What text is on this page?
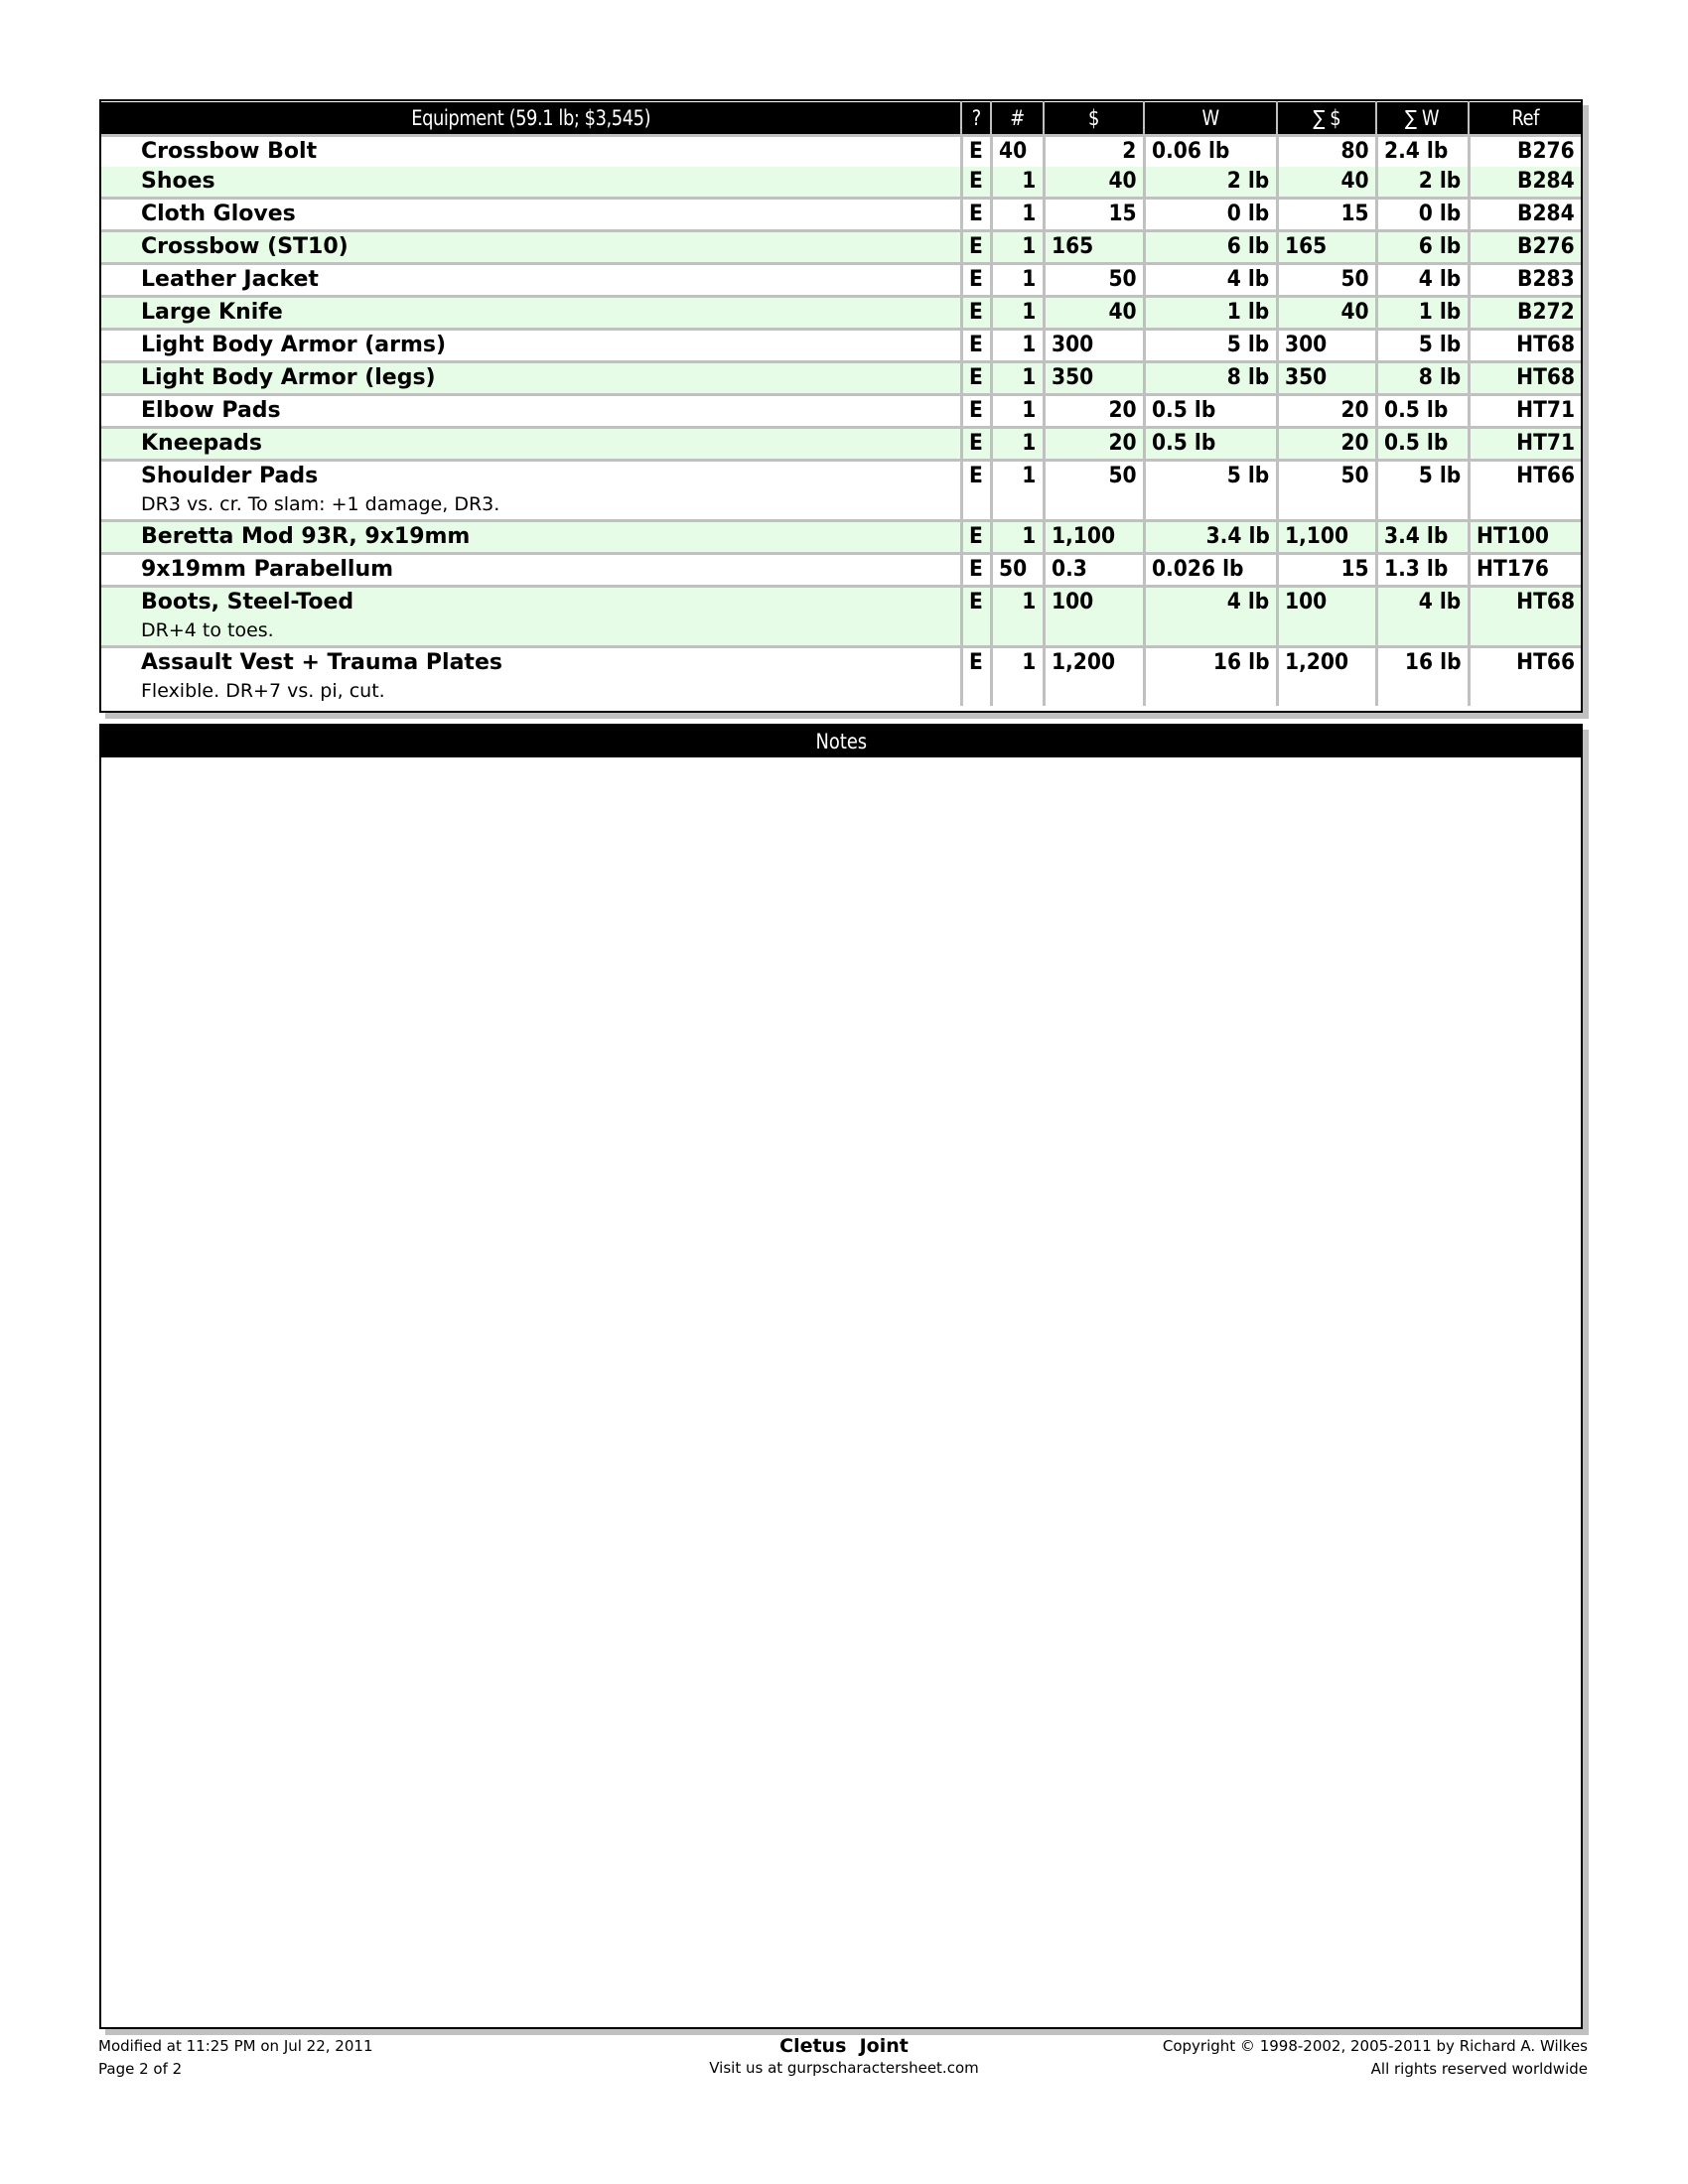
Equipment (59.1 lb; $3,545)	?	#	$	W	∑ $	∑ W	Ref

Crossbow Bolt	E	40	2	0.06 lb	80	2.4 lb	B276

Shoes	E	1	40	2 lb	40	2 lb	B284

Cloth Gloves	E	1	15	0 lb	15	0 lb	B284

Crossbow (ST10)	E	1	165	6 lb	165	6 lb	B276

Leather Jacket	E	1	50	4 lb	50	4 lb	B283

Large Knife	E	1	40	1 lb	40	1 lb	B272

Light Body Armor (arms)	E	1	300	5 lb	300	5 lb	HT68

Light Body Armor (legs)	E	1	350	8 lb	350	8 lb	HT68

Elbow Pads	E	1	20	0.5 lb	20	0.5 lb	HT71

Kneepads	E	1	20	0.5 lb	20	0.5 lb	HT71

Shoulder Pads
DR3 vs. cr. To slam: +1 damage, DR3.	E	1	50	5 lb	50	5 lb	HT66

Beretta Mod 93R, 9x19mm	E	1	1,100	3.4 lb	1,100	3.4 lb	HT100

9x19mm Parabellum	E	50	0.3	0.026 lb	15	1.3 lb	HT176

Boots, Steel-Toed
DR+4 to toes.	E	1	100	4 lb	100	4 lb	HT68

Assault Vest + Trauma Plates
Flexible. DR+7 vs. pi, cut.	E	1	1,200	16 lb	1,200	16 lb	HT66
Notes
Modified at 11:25 PM on Jul 22, 2011
Page 2 of 2
Cletus  Joint
Visit us at gurpscharactersheet.com
Copyright © 1998-2002, 2005-2011 by Richard A. Wilkes
All rights reserved worldwide
